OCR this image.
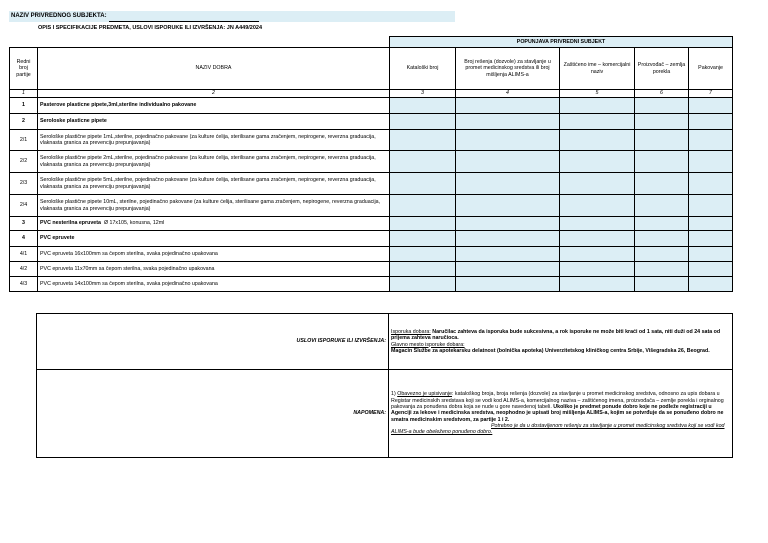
NAZIV PRIVREDNOG SUBJEKTA:
OPIS I SPECIFIKACIJE PREDMETA, USLOVI ISPORUKE ILI IZVRŠENJA: JN A449/2024
		POPUNJAVA PRIVREDNI SUBJEKT				
Redni broj partije	NAZIV DOBRA	Kataloški broj	Broj rešenja (dozvole) za stavljanje u promet medicinskog sredstva ili broj mišljenja ALIMS-a	Zaštićeno ime – komercijalni naziv	Proizvođač – zemlja porekla	Pakovanje
1	2	3	4	5	6	7
1	Pasterove plasticne pipete,3ml,sterilne individualno pakovane					
2	Seroloske plasticne pipete					
2/1	Serološke plastične pipete 1mL,sterilne, pojedinačno pakovane (za kulture ćelija, sterilisane gama zračenjem, nepirogene, reverzna graduacija, vlaknasta granica za prevenciju prepunjavanja)					
2/2	Serološke plastične pipete 2mL,sterilne, pojedinačno pakovane (za kulture ćelija, sterilisane gama zračenjem, nepirogene, reverzna graduacija, vlaknasta granica za prevenciju prepunjavanja)					
2/3	Serološke plastične pipete 5mL,sterilne, pojedinačno pakovane (za kulture ćelija, sterilisane gama zračenjem, nepirogene, reverzna graduacija, vlaknasta granica za prevenciju prepunjavanja)					
2/4	Serološke plastične pipete 10mL, sterilne, pojedinačno pakovane (za kulture ćelija, sterilisane gama zračenjem, nepirogene, reverzna graduacija, vlaknasta granica za prevenciju prepunjavanja)					
3	PVC nesterilna epruveta Ø 17x105, konusna, 12ml					
4	PVC epruvete					
4/1	PVC epruveta 16x100mm sa čepom sterilna, svaka pojedinačno upakovana					
4/2	PVC epruveta 11x70mm sa čepom sterilna, svaka pojedinačno upakovana					
4/3	PVC epruveta 14x100mm sa čepom sterilna, svaka pojedinačno upakovana					
USLOVI ISPORUKE ILI IZVRŠENJA:	Isporuka dobara: Naručilac zahteva da isporuka bude sukcesivna, a rok isporuke ne može biti kraći od 1 sata, niti duži od 24 sata od prijema zahteva naručioca.
Glavno mesto isporuke dobara:
Magacin Službe za apotekarsku delatnost (bolnička apoteka) Univerzitetskog kliničkog centra Srbije, Višegradska 26, Beograd.
NAPOMENA:	1) Obavezno je upisivanje: kataloškog broja, broja rešenja (dozvole) za stavljanje u promet medicinskog sredstva, odnosno za upis dobara u Registar medicinskih sredstava koji se vodi kod ALIMS-a, komercijalnog naziva – zaštićenog imena, proizvođača – zemlje porekla i orginalnog pakovanja za ponuđena dobra koja se nude u gore navedenoj tabeli. Ukoliko je predmet ponude dobro koje ne podleže registraciji u Agenciji za lekove i medicinska sredstva, neophodno je upisati broj mišljenja ALIMS-a, kojim se potvrđuje da se ponuđeno dobro ne smatra medicinskim sredstvom, za partije 1 i 2.
Potrebno je da u dostavljenom rešenju za stavljanje u promet medicinskog sredstva koji se vodi kod ALIMS-a bude obeleženo ponuđeno dobro.
